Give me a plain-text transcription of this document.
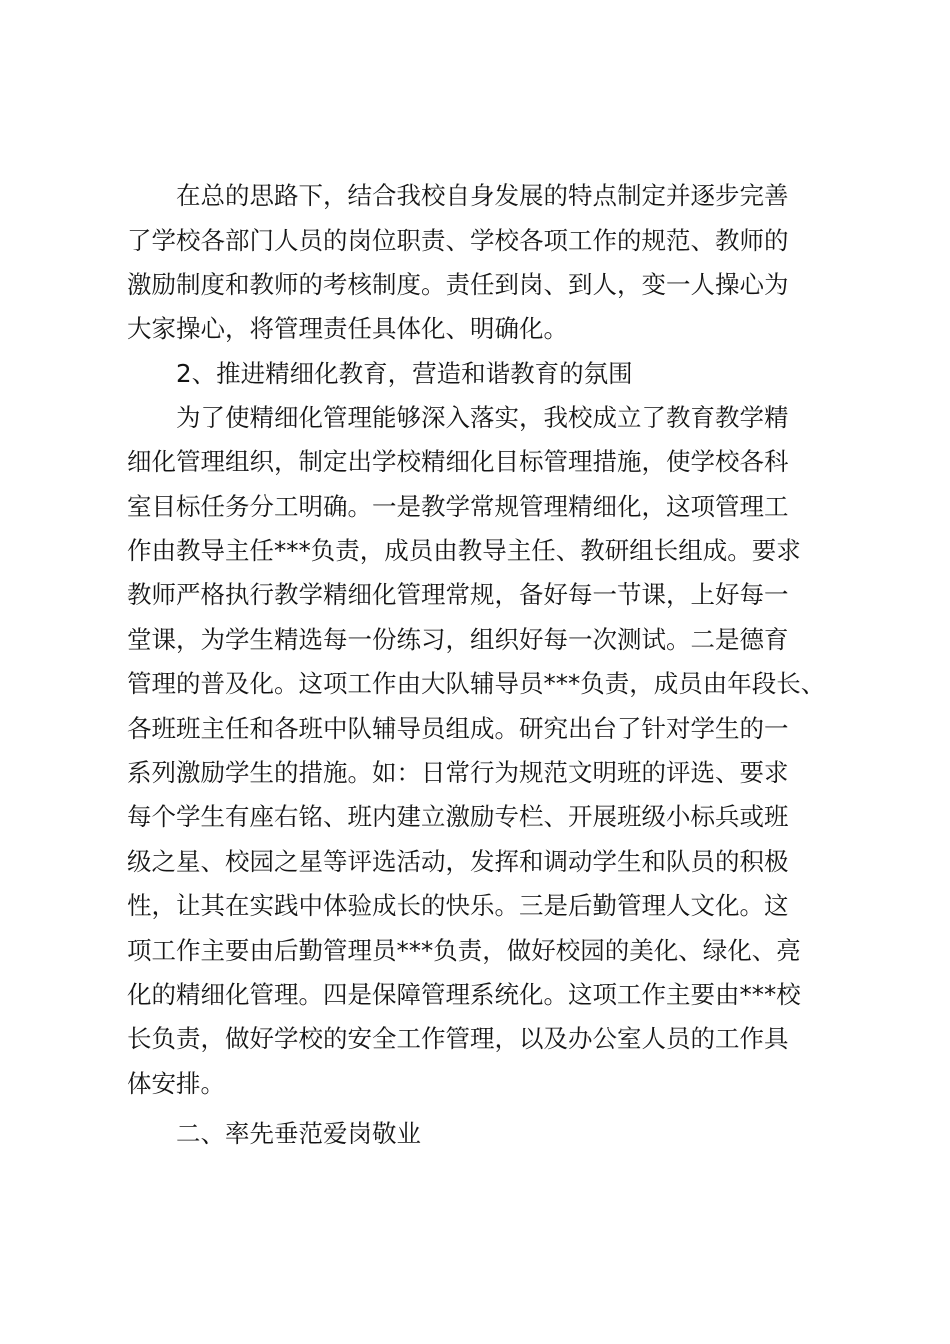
在总的思路下，结合我校自身发展的特点制定并逐步完善
了学校各部门人员的岗位职责、学校各项工作的规范、教师的
激励制度和教师的考核制度。责任到岗、到人，变一人操心为
大家操心，将管理责任具体化、明确化。
2、推进精细化教育，营造和谐教育的氛围
为了使精细化管理能够深入落实，我校成立了教育教学精
细化管理组织，制定出学校精细化目标管理措施，使学校各科
室目标任务分工明确。一是教学常规管理精细化，这项管理工
作由教导主任***负责，成员由教导主任、教研组长组成。要求
教师严格执行教学精细化管理常规，备好每一节课，上好每一
堂课，为学生精选每一份练习，组织好每一次测试。二是德育
管理的普及化。这项工作由大队辅导员***负责，成员由年段长、
各班班主任和各班中队辅导员组成。研究出台了针对学生的一
系列激励学生的措施。如：日常行为规范文明班的评选、要求
每个学生有座右铭、班内建立激励专栏、开展班级小标兵或班
级之星、校园之星等评选活动，发挥和调动学生和队员的积极
性，让其在实践中体验成长的快乐。三是后勤管理人文化。这
项工作主要由后勤管理员***负责，做好校园的美化、绿化、亮
化的精细化管理。四是保障管理系统化。这项工作主要由***校
长负责，做好学校的安全工作管理，以及办公室人员的工作具
体安排。
二、率先垂范爱岗敬业
